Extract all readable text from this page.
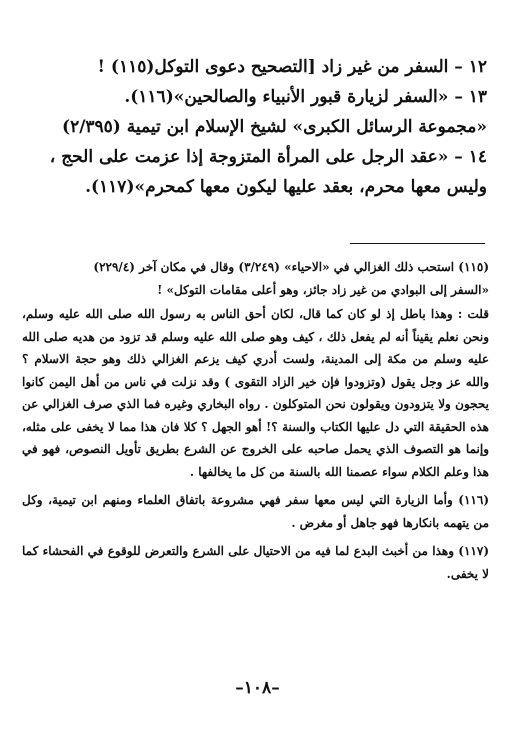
١٢ – السفر من غير زاد [التصحيح دعوى التوكل(١١٥) !

١٣ – «السفر لزيارة قبور الأنبياء والصالحين»(١١٦).

«مجموعة الرسائل الكبرى» لشيخ الإسلام ابن تيمية (٢/٣٩٥)

١٤ – «عقد الرجل على المرأة المتزوجة إذا عزمت على الحج ،

وليس معها محرم، بعقد عليها ليكون معها كمحرم»(١١٧).

(١١٥) استحب ذلك الغزالي في «الاحياء» (٣/٢٤٩) وقال في مكان آخر (٢٢٩/٤)

«السفر إلى البوادي من غير زاد جائز، وهو أعلى مقامات التوكل» !

قلت : وهذا باطل إذ لو كان كما قال، لكان أحق الناس به رسول الله صلى الله عليه وسلم، ونحن نعلم يقيناً أنه لم يفعل ذلك ، كيف وهو صلى الله عليه وسلم قد تزود من هديه صلى الله عليه وسلم من مكة إلى المدينة، ولست أدري كيف يزعم الغزالي ذلك وهو حجة الاسلام ؟ والله عز وجل يقول (وتزودوا فإن خير الزاد التقوى ) وقد نزلت في ناس من أهل اليمن كانوا يحجون ولا يتزودون ويقولون نحن المتوكلون . رواه البخاري وغيره فما الذي صرف الغزالي عن هذه الحقيقة التي دل عليها الكتاب والسنة ؟! أهو الجهل ؟ كلا فان هذا مما لا يخفى على مثله، وإنما هو التصوف الذي يحمل صاحبه على الخروج عن الشرع بطريق تأويل النصوص، فهو في هذا وعلم الكلام سواء عصمنا الله بالسنة من كل ما يخالفها .

(١١٦) وأما الزيارة التي ليس معها سفر فهي مشروعة باتفاق العلماء ومنهم ابن تيمية، وكل من يتهمه بانكارها فهو جاهل أو مغرض .

(١١٧) وهذا من أخبث البدع لما فيه من الاحتيال على الشرع والتعرض للوقوع في الفحشاء كما لا يخفى.

–١٠٨–
